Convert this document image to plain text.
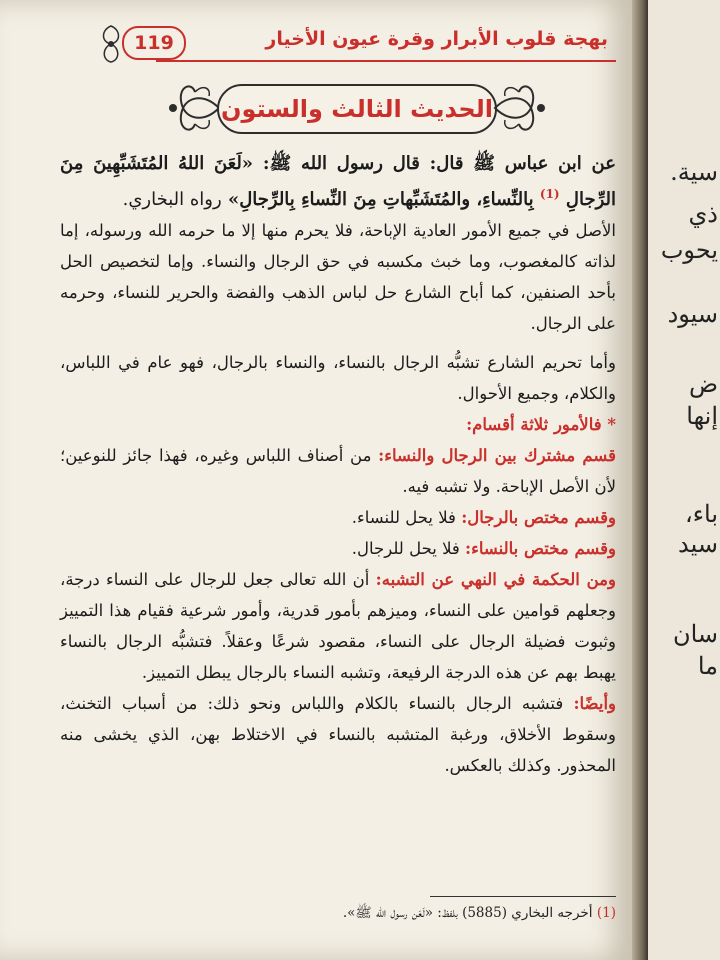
119	بهجة قلوب الأبرار وقرة عيون الأخيار
الحديث الثالث والستون

عن ابن عباس ﷺ قال: قال رسول الله ﷺ: «لَعَنَ اللهُ المُتَشَبِّهِينَ مِنَ الرِّجالِ $^{(1)}$ بِالنِّساءِ، والمُتَشَبِّهاتِ مِنَ النِّساءِ بِالرِّجالِ» رواه البخاري.

الأصل في جميع الأمور العادية الإباحة، فلا يحرم منها إلا ما حرمه الله ورسوله، إما لذاته كالمغصوب، وما خبث مكسبه في حق الرجال والنساء. وإما لتخصيص الحل بأحد الصنفين، كما أباح الشارع حل لباس الذهب والفضة والحرير للنساء، وحرمه على الرجال.

وأما تحريم الشارع تشبُّه الرجال بالنساء، والنساء بالرجال، فهو عام في اللباس، والكلام، وجميع الأحوال.

* فالأمور ثلاثة أقسام:

قسم مشترك بين الرجال والنساء: من أصناف اللباس وغيره، فهذا جائز للنوعين؛ لأن الأصل الإباحة. ولا تشبه فيه.

وقسم مختص بالرجال: فلا يحل للنساء.

وقسم مختص بالنساء: فلا يحل للرجال.

ومن الحكمة في النهي عن التشبه: أن الله تعالى جعل للرجال على النساء درجة، وجعلهم قوامين على النساء، وميزهم بأمور قدرية، وأمور شرعية فقيام هذا التمييز وثبوت فضيلة الرجال على النساء، مقصود شرعًا وعقلاً. فتشبُّه الرجال بالنساء يهبط بهم عن هذه الدرجة الرفيعة، وتشبه النساء بالرجال يبطل التمييز.

وأيضًا: فتشبه الرجال بالنساء بالكلام واللباس ونحو ذلك: من أسباب التخنث، وسقوط الأخلاق، ورغبة المتشبه بالنساء في الاختلاط بهن، الذي يخشى منه المحذور. وكذلك بالعكس.

(1) أخرجه البخاري (5885) بلفظ: «لَعَن رسول الله ﷺ».
سية.
ذي
يحوب
سيود
ض
إنها
باء،
سيد
سان
ما
